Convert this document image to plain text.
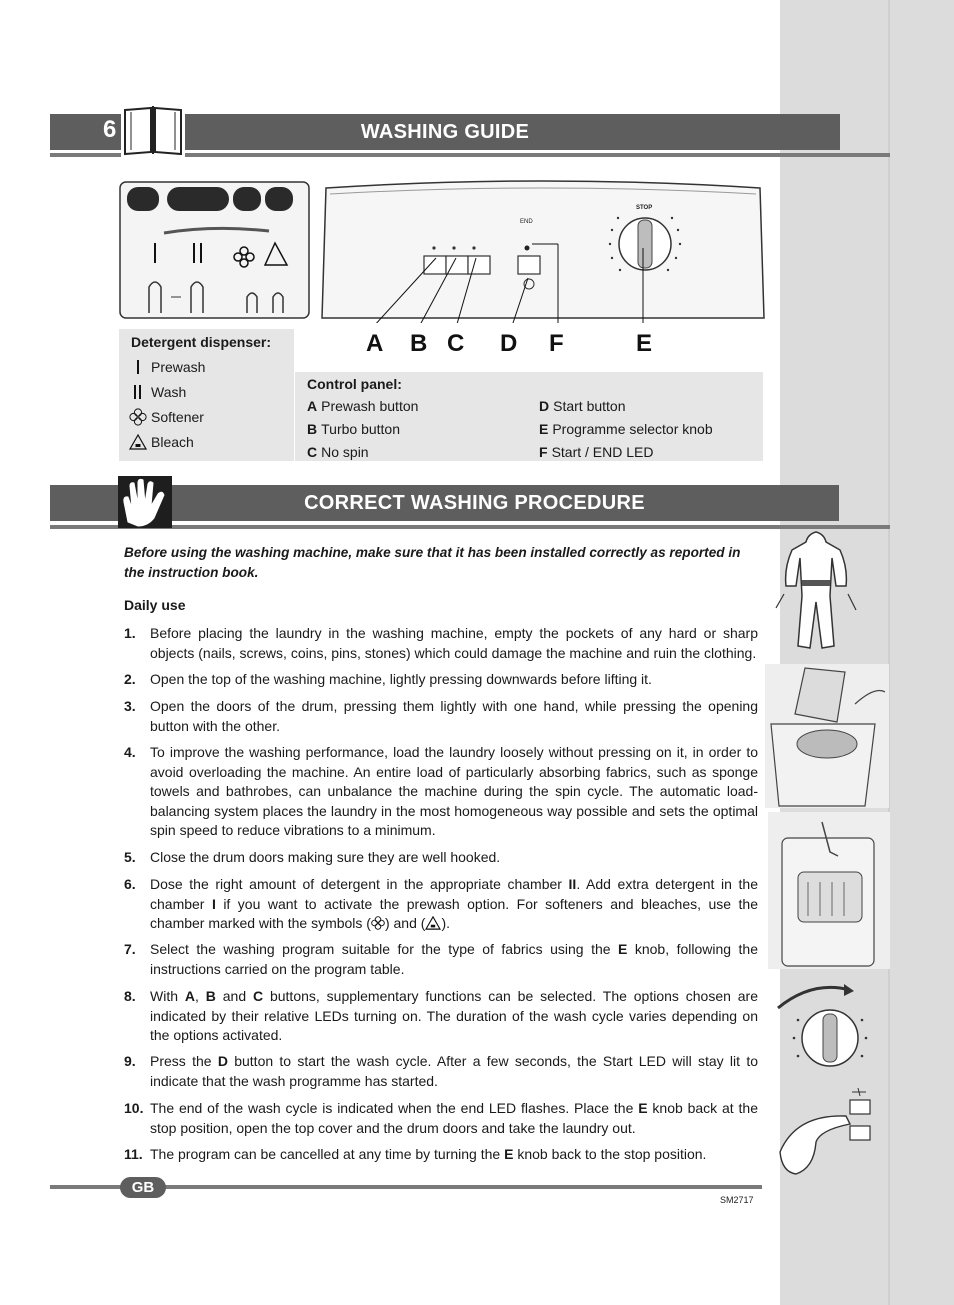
WASHING GUIDE
6
END
STOP
A B C D F	E
Detergent dispenser:
Prewash
Wash
Softener
Bleach
Control panel:
A Prewash button
B Turbo button
C No spin
D Start button
E Programme selector knob
F Start / END LED
CORRECT WASHING PROCEDURE
Before using the washing machine, make sure that it has been installed correctly as reported in the instruction book.
Daily use
1.	Before placing the laundry in the washing machine, empty the pockets of any hard or sharp objects (nails, screws, coins, pins, stones) which could damage the machine and ruin the clothing.
2.	Open the top of the washing machine, lightly pressing downwards before lifting it.
3.	Open the doors of the drum, pressing them lightly with one hand, while pressing the opening button with the other.
4.	To improve the washing performance, load the laundry loosely without pressing on it, in order to avoid overloading the machine. An entire load of particularly absorbing fabrics, such as sponge towels and bathrobes, can unbalance the machine during the spin cycle. The automatic load-balancing system places the laundry in the most homogeneous way possible and sets the optimal spin speed to reduce vibrations to a minimum.
5.	Close the drum doors making sure they are well hooked.
6.	Dose the right amount of detergent in the appropriate chamber II. Add extra detergent in the chamber I if you want to activate the prewash option. For softeners and bleaches, use the chamber marked with the symbols ( ) and ( ).
7.	Select the washing program suitable for the type of fabrics using the E knob, following the instructions carried on the program table.
8.	With A, B and C buttons, supplementary functions can be selected. The options chosen are indicated by their relative LEDs turning on. The duration of the wash cycle varies depending on the options activated.
9.	Press the D button to start the wash cycle. After a few seconds, the Start LED will stay lit to indicate that the wash programme has started.
10. The end of the wash cycle is indicated when the end LED flashes. Place the E knob back at the stop position, open the top cover and the drum doors and take the laundry out.
11. The program can be cancelled at any time by turning the E knob back to the stop position.
GB
SM2717
